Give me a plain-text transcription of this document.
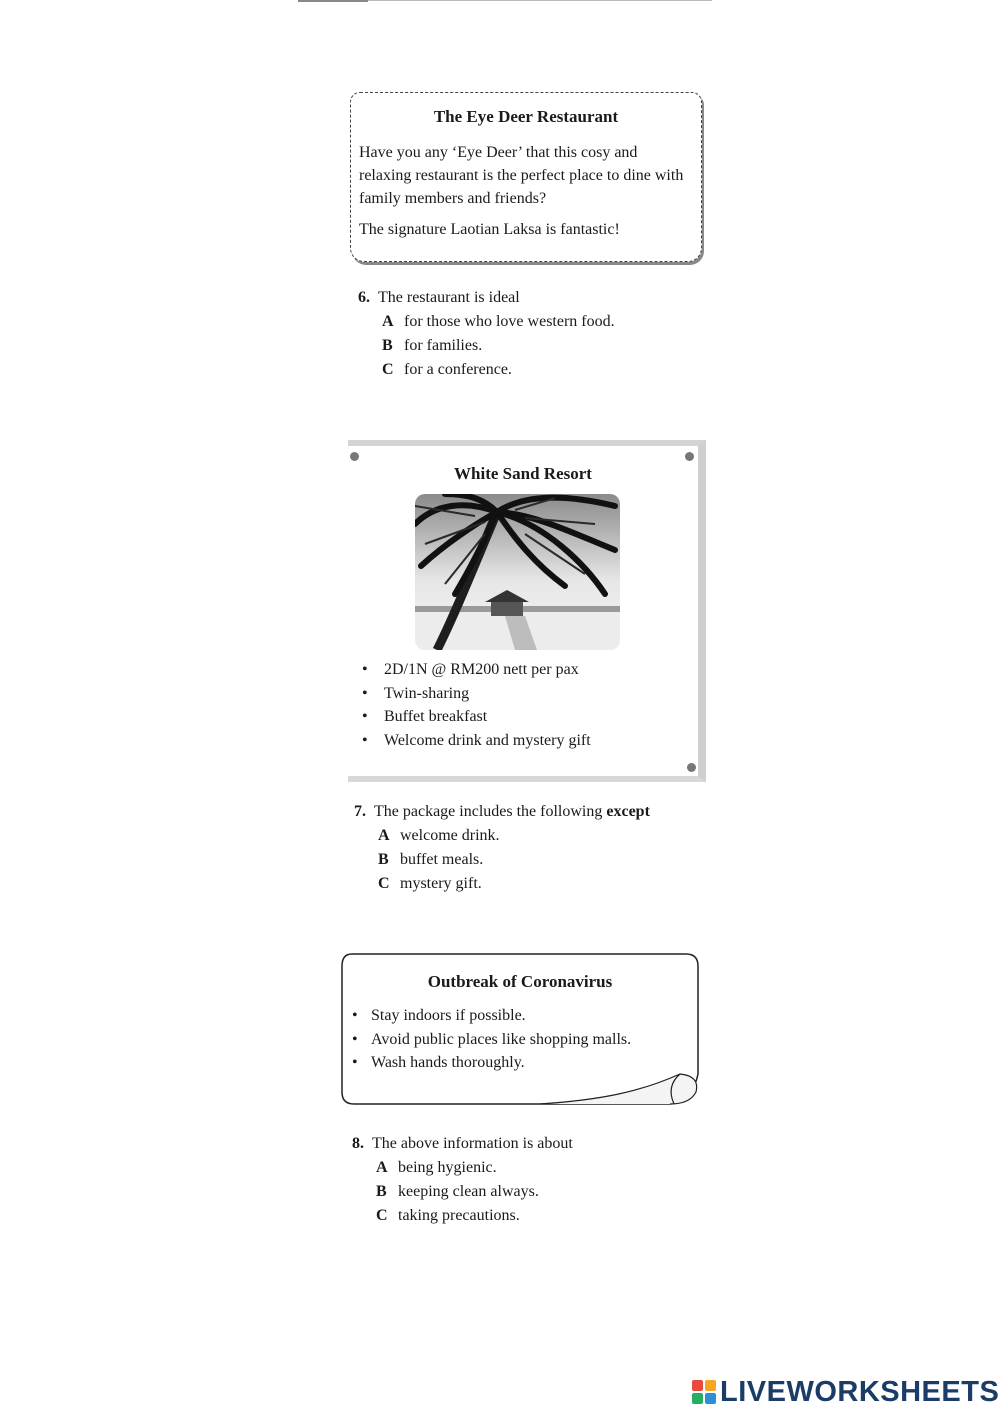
The Eye Deer Restaurant

Have you any ‘Eye Deer’ that this cosy and relaxing restaurant is the perfect place to dine with family members and friends?

The signature Laotian Laksa is fantastic!

6. The restaurant is ideal
A for those who love western food.
B for families.
C for a conference.
White Sand Resort
• 2D/1N @ RM200 nett per pax
• Twin-sharing
• Buffet breakfast
• Welcome drink and mystery gift
7. The package includes the following except
A welcome drink.
B buffet meals.
C mystery gift.
Outbreak of Coronavirus
• Stay indoors if possible.
• Avoid public places like shopping malls.
• Wash hands thoroughly.
8. The above information is about
A being hygienic.
B keeping clean always.
C taking precautions.
LIVEWORKSHEETS
